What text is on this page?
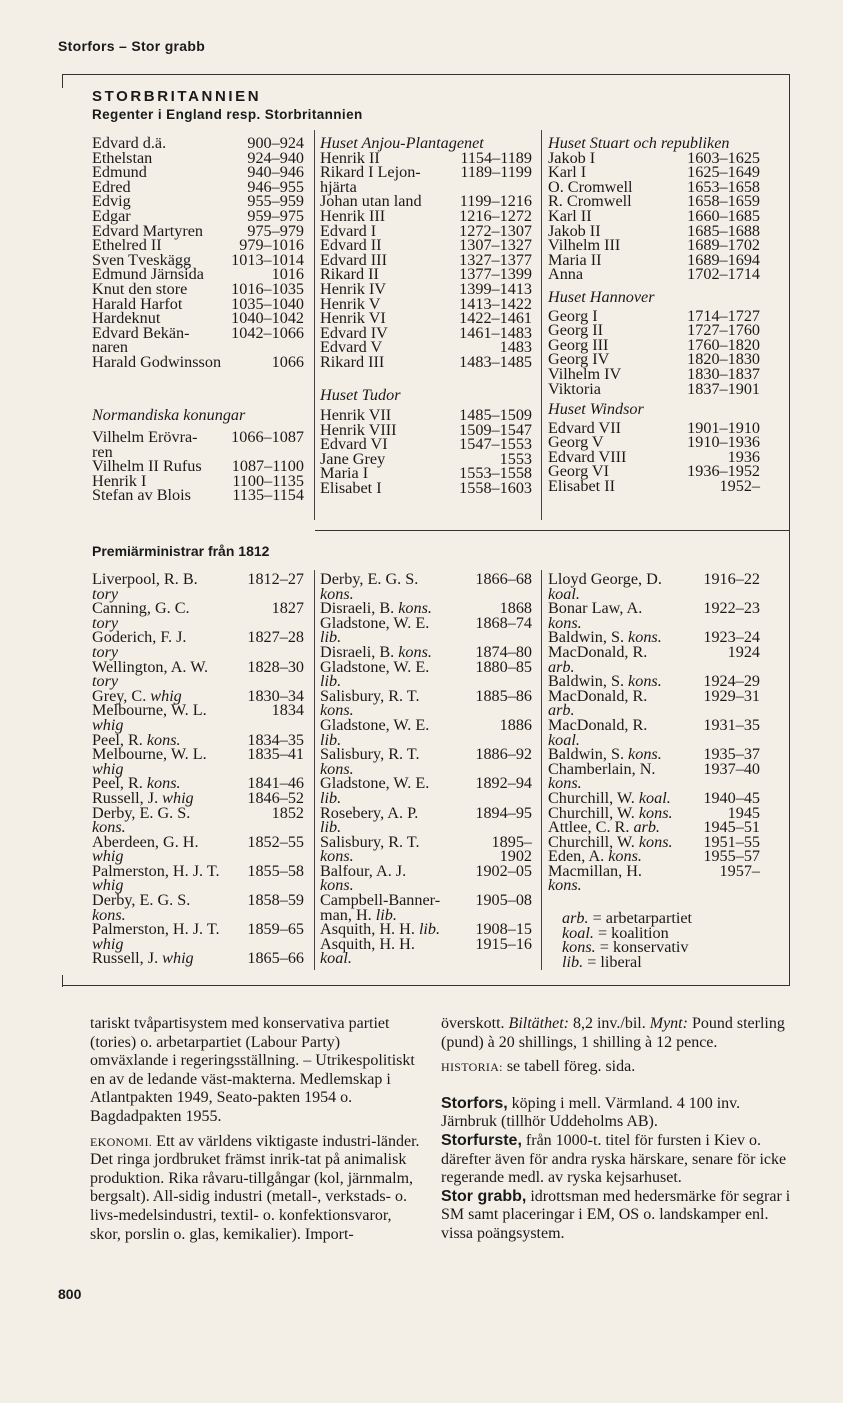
Storfors – Stor grabb
STORBRITANNIEN
Regenter i England resp. Storbritannien
Edvard d.ä.	900–924
Ethelstan	924–940
Edmund	940–946
Edred	946–955
Edvig	955–959
Edgar	959–975
Edvard Martyren	975–979
Ethelred II	979–1016
Sven Tveskägg 1013–1014
Edmund Järnsida	1016
Knut den store	1016–1035
Harald Harfot	1035–1040
Hardeknut	1040–1042
Edvard Bekän-	1042–1066
naren
Harald Godwinsson	1066
Normandiska konungar
Vilhelm Erövra- 1066–1087
ren
Vilhelm II Rufus 1087–1100
Henrik I	1100–1135
Stefan av Blois	1135–1154
Huset Anjou-Plantagenet
Henrik II	1154–1189
Rikard I Lejon- 1189–1199
hjärta
Johan utan land 1199–1216
Henrik III	1216–1272
Edvard I	1272–1307
Edvard II	1307–1327
Edvard III	1327–1377
Rikard II	1377–1399
Henrik IV	1399–1413
Henrik V	1413–1422
Henrik VI	1422–1461
Edvard IV	1461–1483
Edvard V	1483
Rikard III	1483–1485
Huset Tudor
Henrik VII	1485–1509
Henrik VIII	1509–1547
Edvard VI	1547–1553
Jane Grey	1553
Maria I	1553–1558
Elisabet I	1558–1603
Huset Stuart och republiken
Jakob I	1603–1625
Karl I	1625–1649
O. Cromwell	1653–1658
R. Cromwell	1658–1659
Karl II	1660–1685
Jakob II	1685–1688
Vilhelm III	1689–1702
Maria II	1689–1694
Anna	1702–1714
Huset Hannover
Georg I	1714–1727
Georg II	1727–1760
Georg III	1760–1820
Georg IV	1820–1830
Vilhelm IV	1830–1837
Viktoria	1837–1901
Huset Windsor
Edvard VII	1901–1910
Georg V	1910–1936
Edvard VIII	1936
Georg VI	1936–1952
Elisabet II	1952–
Premiärministrar från 1812
Liverpool, R. B.	1812–27
tory
Canning, G. C.	1827
tory
Goderich, F. J.	1827–28
tory
Wellington, A. W. 1828–30
tory
Grey, C. whig	1830–34
Melbourne, W. L.	1834
whig
Peel, R. kons.	1834–35
Melbourne, W. L.	1835–41
whig
Peel, R. kons.	1841–46
Russell, J. whig	1846–52
Derby, E. G. S.	1852
kons.
Aberdeen, G. H.	1852–55
whig
Palmerston, H. J. T. 1855–58
whig
Derby, E. G. S.	1858–59
kons.
Palmerston, H. J. T. 1859–65
whig
Russell, J. whig	1865–66
Derby, E. G. S.	1866–68
kons.
Disraeli, B. kons.	1868
Gladstone, W. E.	1868–74
lib.
Disraeli, B. kons.	1874–80
Gladstone, W. E.	1880–85
lib.
Salisbury, R. T.	1885–86
kons.
Gladstone, W. E.	1886
lib.
Salisbury, R. T.	1886–92
kons.
Gladstone, W. E.	1892–94
lib.
Rosebery, A. P.	1894–95
lib.
Salisbury, R. T.	1895–
kons.	1902
Balfour, A. J.	1902–05
kons.
Campbell-Banner- 1905–08
man, H. lib.
Asquith, H. H. lib. 1908–15
Asquith, H. H.	1915–16
koal.
Lloyd George, D.	1916–22
koal.
Bonar Law, A.	1922–23
kons.
Baldwin, S. kons.	1923–24
MacDonald, R.	1924
arb.
Baldwin, S. kons.	1924–29
MacDonald, R.	1929–31
arb.
MacDonald, R.	1931–35
koal.
Baldwin, S. kons.	1935–37
Chamberlain, N.	1937–40
kons.
Churchill, W. koal. 1940–45
Churchill, W. kons.	1945
Attlee, C. R. arb.	1945–51
Churchill, W. kons. 1951–55
Eden, A. kons.	1955–57
Macmillan, H.	1957–
kons.
arb. = arbetarpartiet
koal. = koalition
kons. = konservativ
lib. = liberal
tariskt tvåpartisystem med konservativa partiet (tories) o. arbetarpartiet (Labour Party) omväxlande i regeringsställning. – Utrikespolitiskt en av de ledande väst-makterna. Medlemskap i Atlantpakten 1949, Seato-pakten 1954 o. Bagdadpakten 1955.
EKONOMI. Ett av världens viktigaste industri-länder. Det ringa jordbruket främst inrik-tat på animalisk produktion. Rika råvaru-tillgångar (kol, järnmalm, bergsalt). All-sidig industri (metall-, verkstads- o. livs-medelsindustri, textil- o. konfektionsvaror, skor, porslin o. glas, kemikalier). Import-
överskott. Biltäthet: 8,2 inv./bil. Mynt: Pound sterling (pund) à 20 shillings, 1 shilling à 12 pence.
HISTORIA: se tabell föreg. sida.
Storfors, köping i mell. Värmland. 4 100 inv. Järnbruk (tillhör Uddeholms AB).
Storfurste, från 1000-t. titel för fursten i Kiev o. därefter även för andra ryska härskare, senare för icke regerande medl. av ryska kejsarhuset.
Stor grabb, idrottsman med hedersmärke för segrar i SM samt placeringar i EM, OS o. landskamper enl. vissa poängsystem.
800
